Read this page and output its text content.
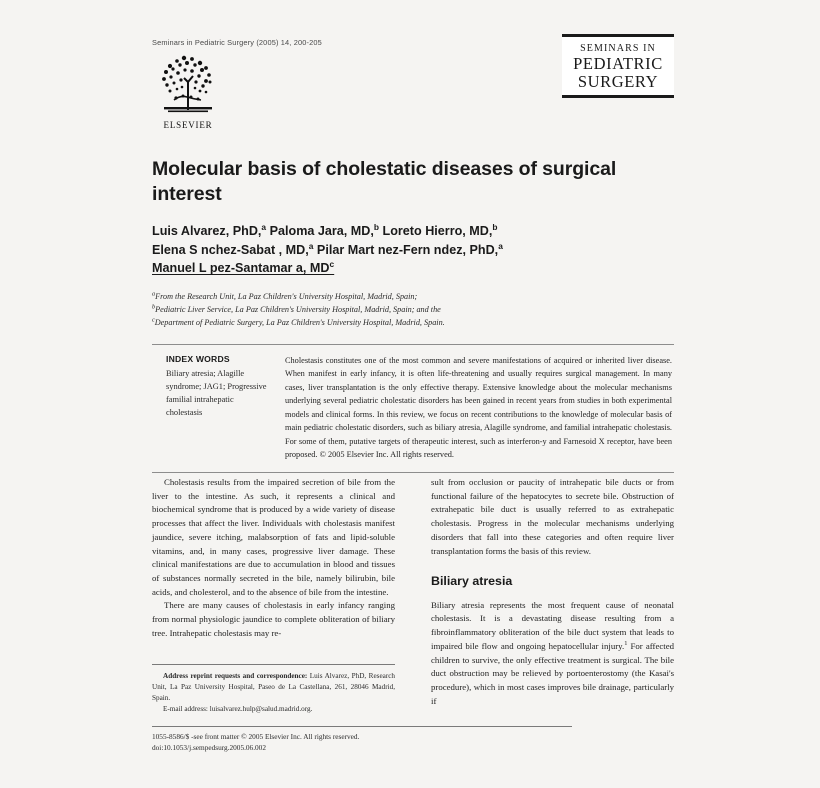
Seminars in Pediatric Surgery (2005) 14, 200-205
ELSEVIER
SEMINARS IN
PEDIATRIC
SURGERY
Molecular basis of cholestatic diseases of surgical interest
Luis Alvarez, PhD,$^a$ Paloma Jara, MD,$^b$ Loreto Hierro, MD,$^b$
Elena S nchez-Sabat , MD,$^a$ Pilar Mart nez-Fern ndez, PhD,$^a$
Manuel L pez-Santamar a, $MD^c$
$^a$From the Research Unit, La Paz Children's University Hospital, Madrid, Spain;
$^b$Pediatric Liver Service, La Paz Children's University Hospital, Madrid, Spain; and the
$^c$Department of Pediatric Surgery, La Paz Children's University Hospital, Madrid, Spain.
INDEX WORDS
Biliary atresia; Alagille syndrome; JAG1; Progressive familial intrahepatic cholestasis
Cholestasis constitutes one of the most common and severe manifestations of acquired or inherited liver disease. When manifest in early infancy, it is often life-threatening and usually requires surgical management. In many cases, liver transplantation is the only effective therapy. Extensive knowledge about the molecular mechanisms underlying several pediatric cholestatic disorders has been gained in recent years from studies in both experimental models and clinical forms. In this review, we focus on recent contributions to the knowledge of molecular basis of main pediatric cholestatic disorders, such as biliary atresia, Alagille syndrome, and familial intrahepatic cholestasis. For some of them, putative targets of therapeutic interest, such as interferon-y and Farnesoid X receptor, have been proposed. © 2005 Elsevier Inc. All rights reserved.

Cholestasis results from the impaired secretion of bile from the liver to the intestine. As such, it represents a clinical and biochemical syndrome that is produced by a wide variety of disease processes that affect the liver. Individuals with cholestasis manifest jaundice, severe itching, malabsorption of fats and lipid-soluble vitamins, and, in many cases, progressive liver damage. These clinical manifestations are due to accumulation in blood and tissues of substances normally secreted in the bile, namely bilirubin, bile acids, and cholesterol, and to the absence of bile from the intestine.

There are many causes of cholestasis in early infancy ranging from normal physiologic jaundice to complete obliteration of biliary tree. Intrahepatic cholestasis may re-

sult from occlusion or paucity of intrahepatic bile ducts or from functional failure of the hepatocytes to secrete bile. Obstruction of extrahepatic bile duct is usually referred to as extrahepatic cholestasis. Progress in the molecular mechanisms underlying disorders that fall into these categories and often require liver transplantation forms the basis of this review.

Biliary atresia

Biliary atresia represents the most frequent cause of neonatal cholestasis. It is a devastating disease resulting from a fibroinflammatory obliteration of the bile duct system that leads to impaired bile flow and ongoing hepatocellular injury.$^1$ For affected children to survive, the only effective treatment is surgical. The bile duct obstruction may be relieved by portoenterostomy (the Kasai's procedure), which in most cases improves bile drainage, particularly if

Address reprint requests and correspondence: Luis Alvarez, PhD, Research Unit, La Paz University Hospital, Paseo de La Castellana, 261, 28046 Madrid, Spain.

E-mail address: luisalvarez.hulp@salud.madrid.org.

1055-8586/$ -see front matter © 2005 Elsevier Inc. All rights reserved.
doi:10.1053/j.sempedsurg.2005.06.002
